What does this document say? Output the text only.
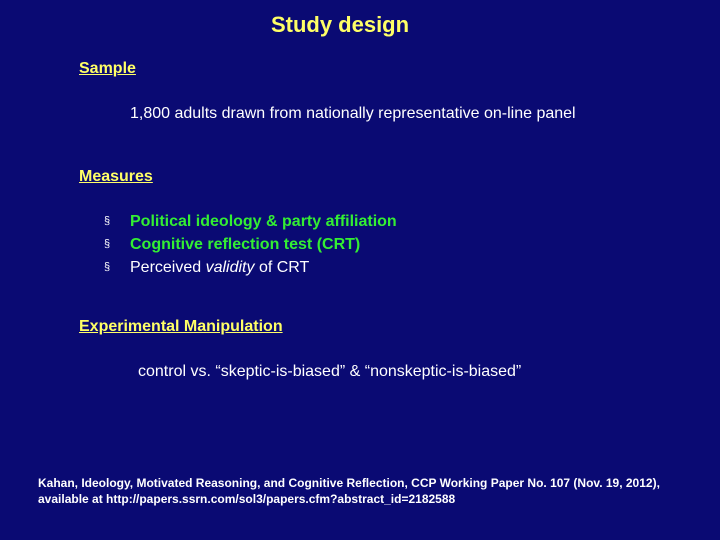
Study design
Sample
1,800 adults drawn from nationally representative on-line panel
Measures
§	Political ideology & party affiliation
§	Cognitive reflection test (CRT)
§	Perceived validity of CRT
Experimental Manipulation
control vs. “skeptic-is-biased” & “nonskeptic-is-biased”
Kahan, Ideology, Motivated Reasoning, and Cognitive Reflection, CCP Working Paper No. 107 (Nov. 19, 2012),
available at http://papers.ssrn.com/sol3/papers.cfm?abstract_id=2182588
